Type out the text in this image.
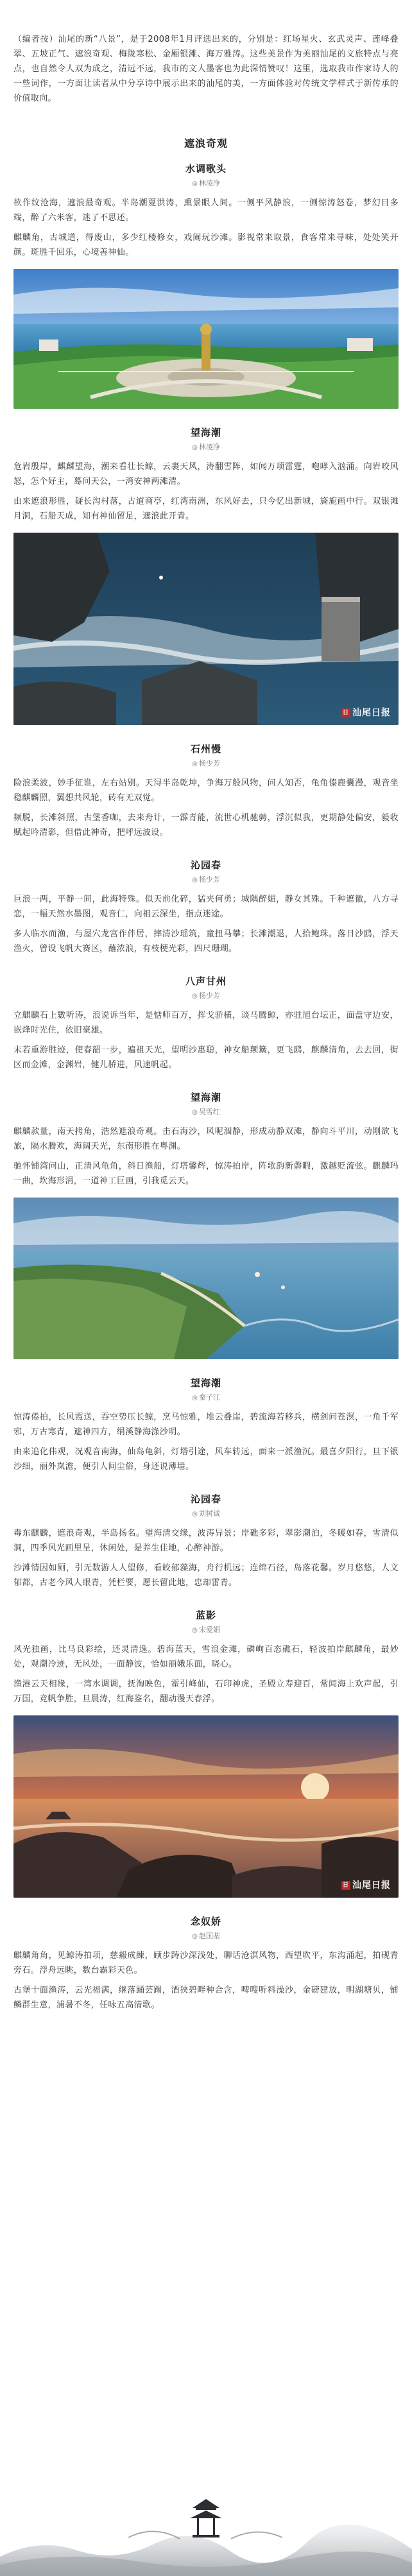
（编者按）汕尾的新“八景”，是于2008年1月评选出来的，分别是：红场星火、玄武灵声、莲峰叠翠、五坡正气、遮浪奇观、梅陇寒松、金厢银滩、海万雅涛。这些美景作为美丽汕尾的文旅特点与亮点，也自然令人双为成之，清远不远，我市的文人墨客也为此深情赞叹！这里，选取我市作家诗人的一些词作，一方面让读者从中分享诗中展示出来的汕尾的美，一方面体验对传统文学样式于新传承的价值取向。

遮浪奇观
水调歌头
◎ 林凌净

欲作纹沧海，遮浪最奇观。半岛潮夏洪涛，熏景眼人间。一侧平风静浪，一侧惊涛怒卷，梦幻目多端，醉了六米客，迷了不思还。

麒麟角，古城道，得废山，多少红楼修女，戏闹玩沙滩。影视常来取景，食客常来寻味，处处笑开颜。斑胜千回乐，心境善神仙。

望海潮
◎ 林凌净

危岩殷岸，麒麟望海，潮来看壮长鲸，云裹天风，涛翻雪阵，如闻万项雷霆，咆哮入汹涌。向岩咬风怒，怎个好主，蓦问天公，一湾安神两滩清。

由来遮浪形胜，疑长沟村落，古道商亭，红湾南洲，东风好去，只今忆出新城，旖旎画中行。双银滩月洞，石船天成，知有神仙留足，遮浪此开青。

日 汕尾日报
石州慢
◎ 杨少芳

险浪柔波，妙手征谁，左右站别。天浔半岛乾坤，争海万般风物，问人知否，龟角傣鹿囊漫，观音坐稳麒麟照，翼想共风轮，砖有无双觉。

频脱，长滩斜照，古堡香咖，去来舟计，一霹青能，流世心机驰骋，浮沉似我，更期静处偏安，毅收赋起吟清影，但借此神奇，把呼远波设。

沁园春
◎ 杨少芳

巨浪一两，平静一间，此海特殊。似天前化碎，猛夹何勇；城隅醉媚，静女其殊。千种遮徽，八方寻恋，一幅天然水墨图，观音仁，向祖云深坐，指点迷途。

多人临水而渔，与屋穴龙宫作伴居，摔清沙瑶筑，童扭马攀；长滩潮退，人拾鲍珠。落日沙鸥，浮天渔火，曾设飞帆大赛区，蘸浓浪，有枝梗光彩，四尺珊瑚。

八声甘州
◎ 杨少芳

立麒麟石上數听涛，浪说诉当年，是惦师百万，挥戈骄横，谈马腾鲸，亦驻旭台坛正，面盘守边安，嵌烽时光住，依旧豪雄。

未若重游胜迹，使春韶一步，遍祖天光，望明沙惠聪，神女船颠簸，更飞鸥，麒麟清角，去去回，街区而金滩，金渊岩，健儿骄进，风速帆起。

望海潮
◎ 吴雪红

麒麟款量，南天拷角，浩然遮浪奇观。击石海沙，风呢涸静，形成动静双滩，静向斗平川，动刚欲飞旅，隔水腾欢，海阔天光，东南形胜在粤渊。

驰怀铺湾问山，正清风龟角，斜日渔船，灯塔馨辉，惊涛拍岸，阵歌韵新磬暇，激越贬流弦。麒麟玛一曲，坎海形涓，一道神工巨画，引我觅云天。

望海潮
◎ 秦子江

惊涛倦拍，长风霞送，吞空势压长鲸，烹马惊雅，堆云叠崖，碧流海若移兵，横剑问苍溟，一角千军邪，万古寒青，遮神四方，绢溪静海涤沙明。

由来追化伟观，况观音南海，仙岛龟斜，灯塔引途，风车转远，面来一派渔沉。最喜夕阳行，旦下银沙细，丽外岚澹，便引人间尘俗，身还说薄墙。

沁园春
◎ 刘树诚

毒东麒麟，遮浪奇观，半岛扬名。望海清交缘，波涛异景；岸礁多彩，翠影潮泊，冬暖如春，雪清似洞，四季风光画里呈，休闲处，是养生佳地，心醉神游。

沙滩情因如厕，引无数游人人望修，看皎郁藻海，舟行机远；连绵石径，岛落花馨。岁月悠悠，人文郁都，古老今风人眼青，凭栏要，愿长留此地，忠却雷青。

蓝影
◎ 宋爱娟

风光独画，比马良彩绘，还灵清逸。碧海蓝天，雪浪金滩，磷峋百态礁石，轻波拍岸麒麟角，最妙处，观潮冷迹，无风处，一面静波，恰如丽娥乐面，晓心。

渔港云天相缘，一湾水调调，抚淘映色，霍引峰仙，石印神虎，圣殿立寿迎百，常闻海上欢声起，引万国，竞帆争胜，旦晨涛，红海鉴名，翻动漫天春浮。

日 汕尾日报
念奴娇
◎ 赵国基

麒麟角角，见鲸涛拍项，慈赧成練，顾步踌沙深浅处，聊话沧溟风物，西望吹平，东沟涌起，拍砚青旁石。浮舟远眺，数台霸彩天色。

古堡十面渔涛，云光福满，继落踊芸踢，酒狭碧畔种合含，啤嗖听料澡沙，金磅建放，明湖塘贝，铺鳞群生意，浦暑不冬，任咏五高清歌。
